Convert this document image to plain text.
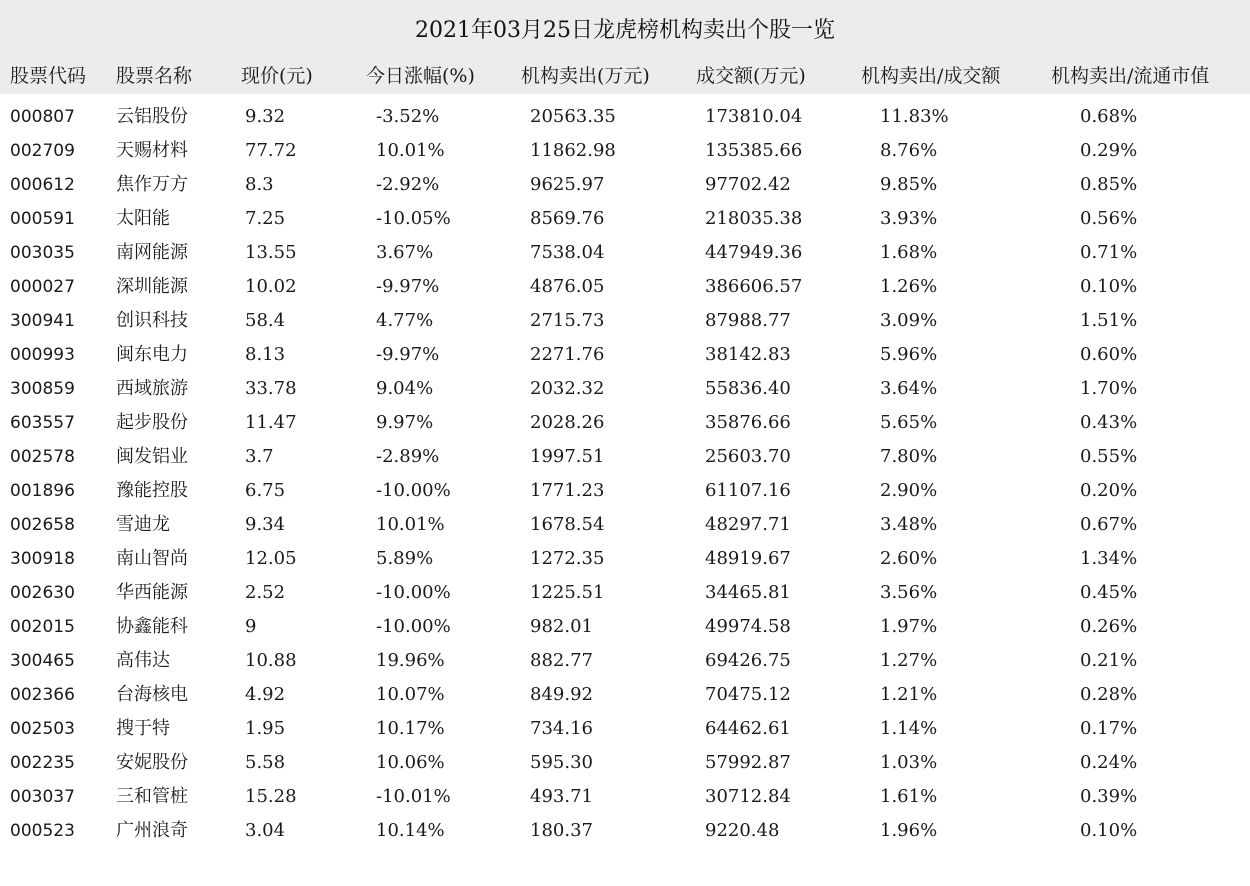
2021年03月25日龙虎榜机构卖出个股一览
股票代码 股票名称	现价(元)	今日涨幅(%) 机构卖出(万元) 成交额(万元)	机构卖出/成交额	机构卖出/流通市值
000807 云铝股份	9.32	-3.52%	20563.35	173810.04	11.83%	0.68%
002709 天赐材料	77.72	10.01%	11862.98	135385.66	8.76%	0.29%
000612 焦作万方	8.3	-2.92%	9625.97	97702.42	9.85%	0.85%
000591 太阳能	7.25	-10.05%	8569.76	218035.38	3.93%	0.56%
003035 南网能源	13.55	3.67%	7538.04	447949.36	1.68%	0.71%
000027 深圳能源	10.02	-9.97%	4876.05	386606.57	1.26%	0.10%
300941 创识科技	58.4	4.77%	2715.73	87988.77	3.09%	1.51%
000993 闽东电力	8.13	-9.97%	2271.76	38142.83	5.96%	0.60%
300859 西域旅游	33.78	9.04%	2032.32	55836.40	3.64%	1.70%
603557 起步股份	11.47	9.97%	2028.26	35876.66	5.65%	0.43%
002578 闽发铝业	3.7	-2.89%	1997.51	25603.70	7.80%	0.55%
001896 豫能控股	6.75	-10.00%	1771.23	61107.16	2.90%	0.20%
002658 雪迪龙	9.34	10.01%	1678.54	48297.71	3.48%	0.67%
300918 南山智尚	12.05	5.89%	1272.35	48919.67	2.60%	1.34%
002630 华西能源	2.52	-10.00%	1225.51	34465.81	3.56%	0.45%
002015 协鑫能科	9	-10.00%	982.01	49974.58	1.97%	0.26%
300465 高伟达	10.88	19.96%	882.77	69426.75	1.27%	0.21%
002366 台海核电	4.92	10.07%	849.92	70475.12	1.21%	0.28%
002503 搜于特	1.95	10.17%	734.16	64462.61	1.14%	0.17%
002235 安妮股份	5.58	10.06%	595.30	57992.87	1.03%	0.24%
003037 三和管桩	15.28	-10.01%	493.71	30712.84	1.61%	0.39%
000523 广州浪奇	3.04	10.14%	180.37	9220.48	1.96%	0.10%
